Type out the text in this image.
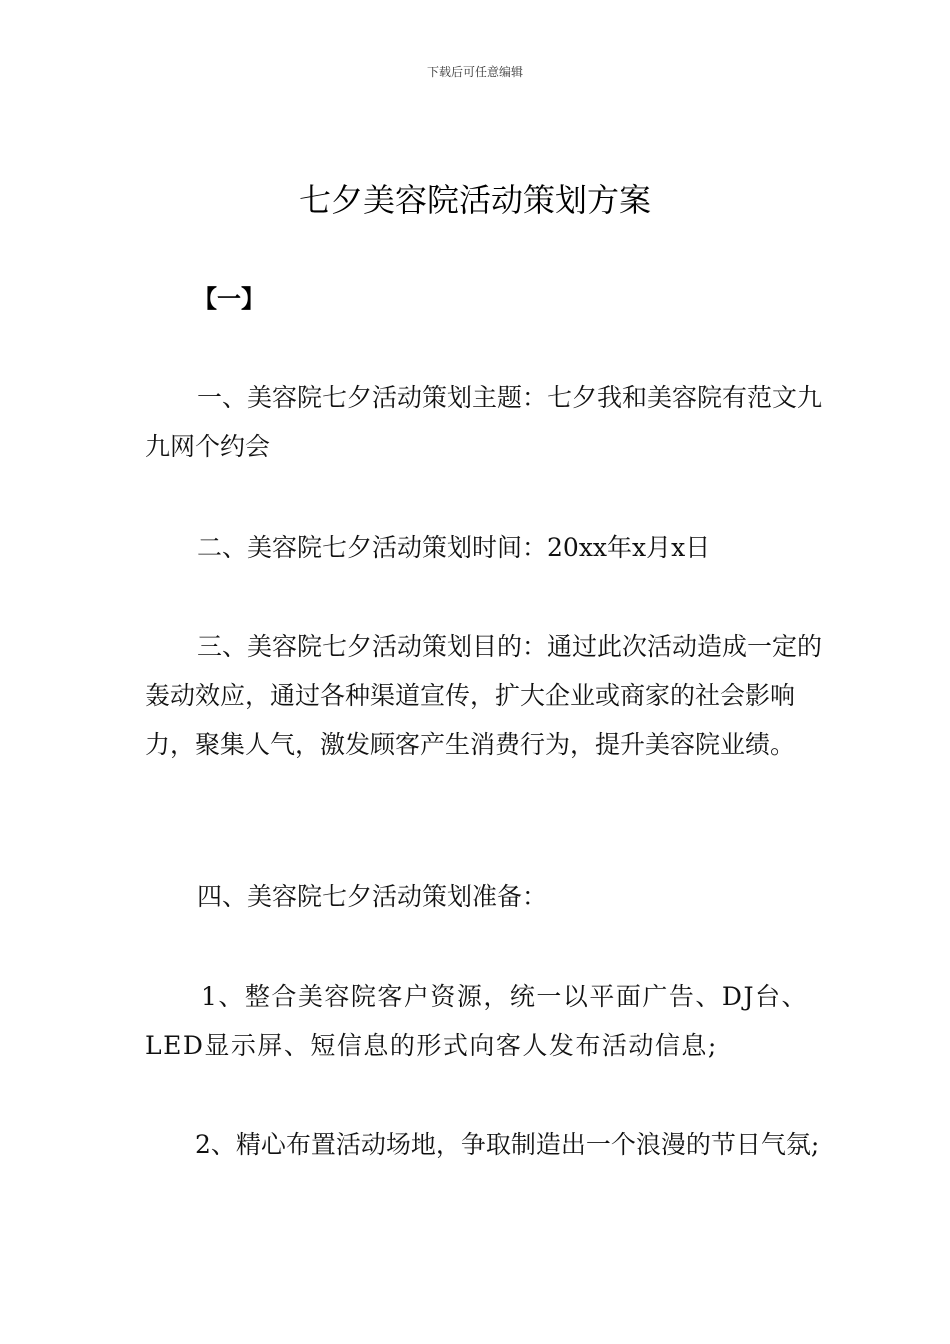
下载后可任意编辑
七夕美容院活动策划方案
【一】

一、美容院七夕活动策划主题：七夕我和美容院有范文九九网个约会

二、美容院七夕活动策划时间：20xx年x月x日

三、美容院七夕活动策划目的：通过此次活动造成一定的轰动效应，通过各种渠道宣传，扩大企业或商家的社会影响力，聚集人气，激发顾客产生消费行为，提升美容院业绩。

四、美容院七夕活动策划准备：

1、整合美容院客户资源，统一以平面广告、DJ台、LED显示屏、短信息的形式向客人发布活动信息;

2、精心布置活动场地，争取制造出一个浪漫的节日气氛;
